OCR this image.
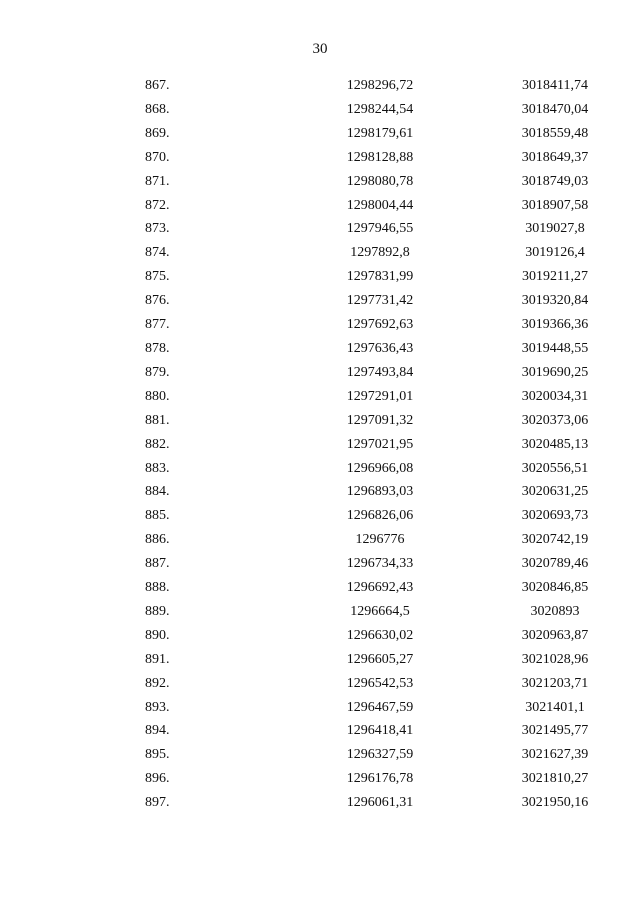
30
867.	1298296,72	3018411,74
868.	1298244,54	3018470,04
869.	1298179,61	3018559,48
870.	1298128,88	3018649,37
871.	1298080,78	3018749,03
872.	1298004,44	3018907,58
873.	1297946,55	3019027,8
874.	1297892,8	3019126,4
875.	1297831,99	3019211,27
876.	1297731,42	3019320,84
877.	1297692,63	3019366,36
878.	1297636,43	3019448,55
879.	1297493,84	3019690,25
880.	1297291,01	3020034,31
881.	1297091,32	3020373,06
882.	1297021,95	3020485,13
883.	1296966,08	3020556,51
884.	1296893,03	3020631,25
885.	1296826,06	3020693,73
886.	1296776	3020742,19
887.	1296734,33	3020789,46
888.	1296692,43	3020846,85
889.	1296664,5	3020893
890.	1296630,02	3020963,87
891.	1296605,27	3021028,96
892.	1296542,53	3021203,71
893.	1296467,59	3021401,1
894.	1296418,41	3021495,77
895.	1296327,59	3021627,39
896.	1296176,78	3021810,27
897.	1296061,31	3021950,16
